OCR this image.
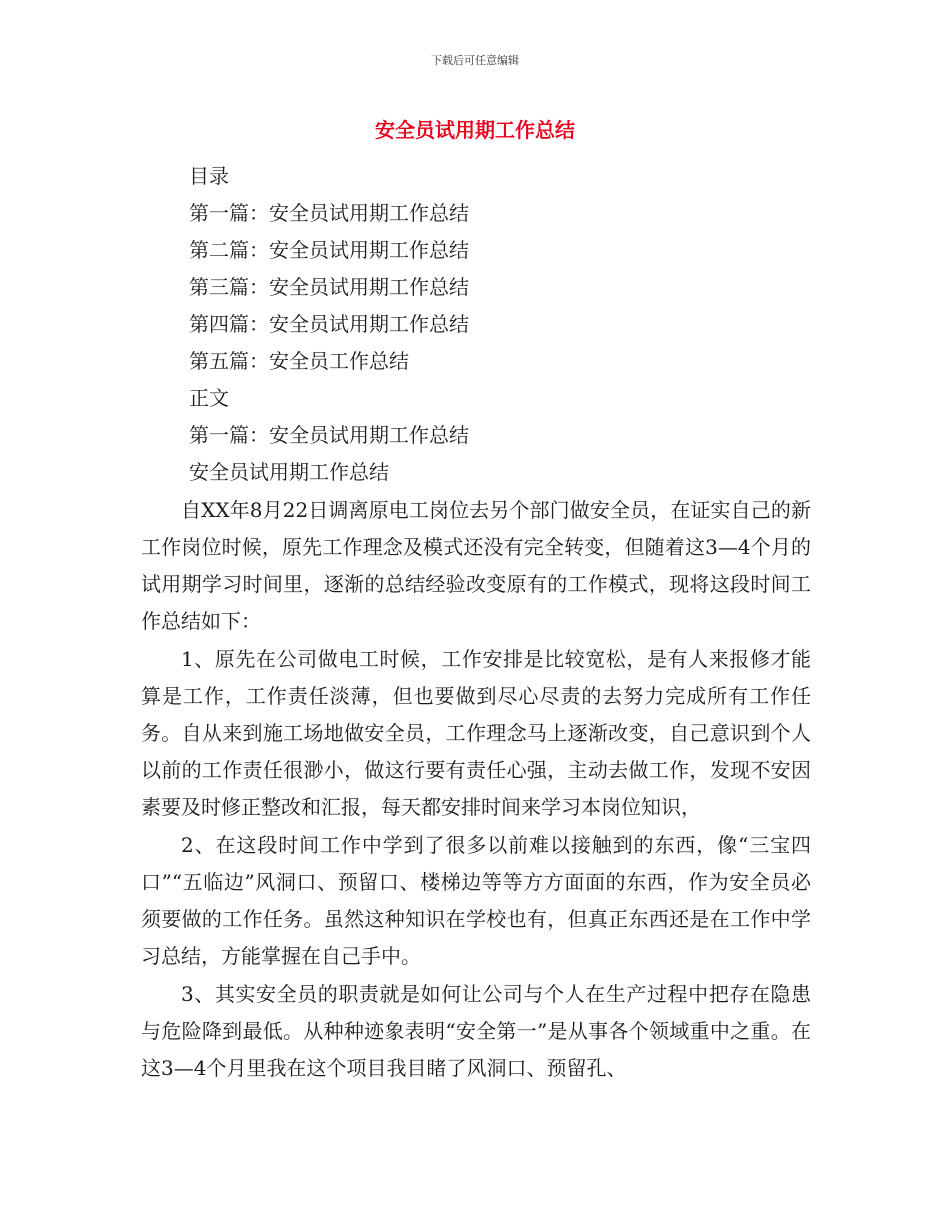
下载后可任意编辑
安全员试用期工作总结
目录
第一篇：安全员试用期工作总结
第二篇：安全员试用期工作总结
第三篇：安全员试用期工作总结
第四篇：安全员试用期工作总结
第五篇：安全员工作总结
正文
第一篇：安全员试用期工作总结
安全员试用期工作总结

自XX年8月22日调离原电工岗位去另个部门做安全员，在证实自己的新工作岗位时候，原先工作理念及模式还没有完全转变，但随着这3—4个月的试用期学习时间里，逐渐的总结经验改变原有的工作模式，现将这段时间工作总结如下：

1、原先在公司做电工时候，工作安排是比较宽松，是有人来报修才能算是工作，工作责任淡薄，但也要做到尽心尽责的去努力完成所有工作任务。自从来到施工场地做安全员，工作理念马上逐渐改变，自己意识到个人以前的工作责任很渺小，做这行要有责任心强，主动去做工作，发现不安因素要及时修正整改和汇报，每天都安排时间来学习本岗位知识，

2、在这段时间工作中学到了很多以前难以接触到的东西，像“三宝四口”“五临边”风洞口、预留口、楼梯边等等方方面面的东西，作为安全员必须要做的工作任务。虽然这种知识在学校也有，但真正东西还是在工作中学习总结，方能掌握在自己手中。

3、其实安全员的职责就是如何让公司与个人在生产过程中把存在隐患与危险降到最低。从种种迹象表明“安全第一”是从事各个领域重中之重。在这3—4个月里我在这个项目我目睹了风洞口、预留孔、
